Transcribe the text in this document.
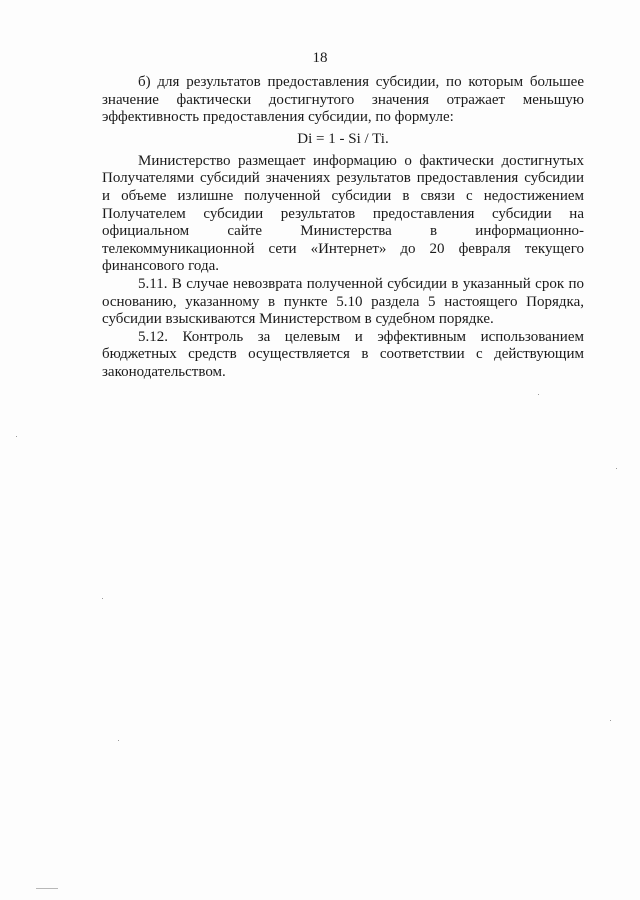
18

б) для результатов предоставления субсидии, по которым большее значение фактически достигнутого значения отражает меньшую эффективность предоставления субсидии, по формуле:

Di = 1 - Si / Ti.

Министерство размещает информацию о фактически достигнутых Получателями субсидий значениях результатов предоставления субсидии и объеме излишне полученной субсидии в связи с недостижением Получателем субсидии результатов предоставления субсидии на официальном сайте Министерства в информационно-телекоммуникационной сети «Интернет» до 20 февраля текущего финансового года.

5.11. В случае невозврата полученной субсидии в указанный срок по основанию, указанному в пункте 5.10 раздела 5 настоящего Порядка, субсидии взыскиваются Министерством в судебном порядке.

5.12. Контроль за целевым и эффективным использованием бюджетных средств осуществляется в соответствии с действующим законодательством.
